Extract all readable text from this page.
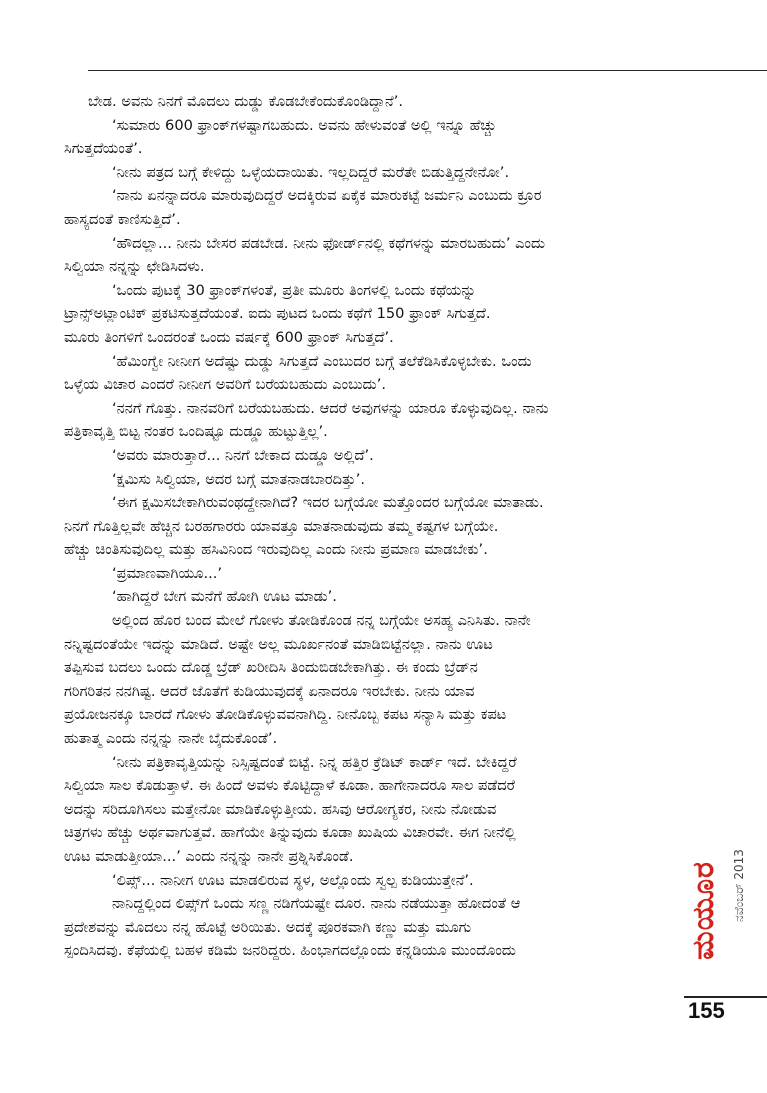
ಬೇಡ. ಅವನು ನಿನಗೆ ಮೊದಲು ದುಡ್ಡು ಕೊಡಬೇಕೆಂದುಕೊಂಡಿದ್ದಾನೆ’.

‘ಸುಮಾರು 600 ಫ್ರಾಂಕ್‌ಗಳಷ್ಟಾಗಬಹುದು. ಅವನು ಹೇಳುವಂತೆ ಅಲ್ಲಿ ಇನ್ನೂ ಹೆಚ್ಚು
ಸಿಗುತ್ತದೆಯಂತೆ’.

‘ನೀನು ಪತ್ರದ ಬಗ್ಗೆ ಕೇಳಿದ್ದು ಒಳ್ಳೆಯದಾಯಿತು. ಇಲ್ಲದಿದ್ದರೆ ಮರೆತೇ ಬಿಡುತ್ತಿದ್ದನೇನೋ’.

‘ನಾನು ಏನನ್ನಾದರೂ ಮಾರುವುದಿದ್ದರೆ ಅದಕ್ಕಿರುವ ಏಕೈಕ ಮಾರುಕಟ್ಟೆ ಜರ್ಮನಿ ಎಂಬುದು ಕ್ರೂರ
ಹಾಸ್ಯದಂತೆ ಕಾಣಿಸುತ್ತಿದೆ’.

‘ಹೌದಲ್ಲಾ... ನೀನು ಬೇಸರ ಪಡಬೇಡ. ನೀನು ಫೋರ್ಡ್‌ನಲ್ಲಿ ಕಥೆಗಳನ್ನು ಮಾರಬಹುದು’ ಎಂದು
ಸಿಲ್ವಿಯಾ ನನ್ನನ್ನು ಛೇಡಿಸಿದಳು.

‘ಒಂದು ಪುಟಕ್ಕೆ 30 ಫ್ರಾಂಕ್‌ಗಳಂತೆ, ಪ್ರತೀ ಮೂರು ತಿಂಗಳಲ್ಲಿ ಒಂದು ಕಥೆಯನ್ನು
ಟ್ರಾನ್ಸ್‌ಅಟ್ಲಾಂಟಿಕ್ ಪ್ರಕಟಿಸುತ್ತದೆಯಂತೆ. ಐದು ಪುಟದ ಒಂದು ಕಥೆಗೆ 150 ಫ್ರಾಂಕ್ ಸಿಗುತ್ತದೆ.
ಮೂರು ತಿಂಗಳಿಗೆ ಒಂದರಂತೆ ಒಂದು ವರ್ಷಕ್ಕೆ 600 ಫ್ರಾಂಕ್ ಸಿಗುತ್ತದೆ’.

‘ಹೆಮಿಂಗ್ವೇ ನೀನೀಗ ಅದೆಷ್ಟು ದುಡ್ಡು ಸಿಗುತ್ತದೆ ಎಂಬುದರ ಬಗ್ಗೆ ತಲೆಕೆಡಿಸಿಕೊಳ್ಳಬೇಕು. ಒಂದು
ಒಳ್ಳೆಯ ವಿಚಾರ ಎಂದರೆ ನೀನೀಗ ಅವರಿಗೆ ಬರೆಯಬಹುದು ಎಂಬುದು’.

‘ನನಗೆ ಗೊತ್ತು. ನಾನವರಿಗೆ ಬರೆಯಬಹುದು. ಆದರೆ ಅವುಗಳನ್ನು ಯಾರೂ ಕೊಳ್ಳುವುದಿಲ್ಲ. ನಾನು
ಪತ್ರಿಕಾವೃತ್ತಿ ಬಿಟ್ಟ ನಂತರ ಒಂದಿಷ್ಟೂ ದುಡ್ಡೂ ಹುಟ್ಟುತ್ತಿಲ್ಲ’.

‘ಅವರು ಮಾರುತ್ತಾರೆ... ನಿನಗೆ ಬೇಕಾದ ದುಡ್ಡೂ ಅಲ್ಲಿದೆ’.

‘ಕ್ಷಮಿಸು ಸಿಲ್ವಿಯಾ, ಅದರ ಬಗ್ಗೆ ಮಾತನಾಡಬಾರದಿತ್ತು’.

‘ಈಗ ಕ್ಷಮಿಸಬೇಕಾಗಿರುವಂಥದ್ದೇನಾಗಿದೆ? ಇದರ ಬಗ್ಗೆಯೋ ಮತ್ತೊಂದರ ಬಗ್ಗೆಯೋ ಮಾತಾಡು.
ನಿನಗೆ ಗೊತ್ತಿಲ್ಲವೇ ಹೆಚ್ಚಿನ ಬರಹಗಾರರು ಯಾವತ್ತೂ ಮಾತನಾಡುವುದು ತಮ್ಮ ಕಷ್ಟಗಳ ಬಗ್ಗೆಯೇ.
ಹೆಚ್ಚು ಚಿಂತಿಸುವುದಿಲ್ಲ ಮತ್ತು ಹಸಿವಿನಿಂದ ಇರುವುದಿಲ್ಲ ಎಂದು ನೀನು ಪ್ರಮಾಣ ಮಾಡಬೇಕು’.

‘ಪ್ರಮಾಣವಾಗಿಯೂ...’

‘ಹಾಗಿದ್ದರೆ ಬೇಗ ಮನೆಗೆ ಹೋಗಿ ಊಟ ಮಾಡು’.

ಅಲ್ಲಿಂದ ಹೊರ ಬಂದ ಮೇಲೆ ಗೋಳು ತೋಡಿಕೊಂಡ ನನ್ನ ಬಗ್ಗೆಯೇ ಅಸಹ್ಯ ಎನಿಸಿತು. ನಾನೇ
ನನ್ನಿಷ್ಟದಂತೆಯೇ ಇದನ್ನು ಮಾಡಿದೆ. ಅಷ್ಟೇ ಅಲ್ಲ ಮೂರ್ಖನಂತೆ ಮಾಡಿಬಿಟ್ಟೆನಲ್ಲಾ. ನಾನು ಊಟ
ತಪ್ಪಿಸುವ ಬದಲು ಒಂದು ದೊಡ್ಡ ಬ್ರೆಡ್ ಖರೀದಿಸಿ ತಿಂದುಬಿಡಬೇಕಾಗಿತ್ತು. ಈ ಕಂದು ಬ್ರೆಡ್‌ನ
ಗರಿಗರಿತನ ನನಗಿಷ್ಟ. ಆದರೆ ಜೊತೆಗೆ ಕುಡಿಯುವುದಕ್ಕೆ ಏನಾದರೂ ಇರಬೇಕು. ನೀನು ಯಾವ
ಪ್ರಯೋಜನಕ್ಕೂ ಬಾರದೆ ಗೋಳು ತೋಡಿಕೊಳ್ಳುವವನಾಗಿದ್ದಿ. ನೀನೊಬ್ಬ ಕಪಟ ಸನ್ಯಾಸಿ ಮತ್ತು ಕಪಟ
ಹುತಾತ್ಮ ಎಂದು ನನ್ನನ್ನು ನಾನೇ ಬೈದುಕೊಂಡೆ’.

‘ನೀನು ಪತ್ರಿಕಾವೃತ್ತಿಯನ್ನು ನಿಸ್ಸಿಷ್ಟದಂತೆ ಬಿಟ್ಟೆ. ನಿನ್ನ ಹತ್ತಿರ ಕ್ರೆಡಿಟ್ ಕಾರ್ಡ್ ಇದೆ. ಬೇಕಿದ್ದರೆ
ಸಿಲ್ವಿಯಾ ಸಾಲ ಕೊಡುತ್ತಾಳೆ. ಈ ಹಿಂದೆ ಅವಳು ಕೊಟ್ಟಿದ್ದಾಳೆ ಕೂಡಾ. ಹಾಗೇನಾದರೂ ಸಾಲ ಪಡೆದರೆ
ಅದನ್ನು ಸರಿದೂಗಿಸಲು ಮತ್ತೇನೋ ಮಾಡಿಕೊಳ್ಳುತ್ತೀಯ. ಹಸಿವು ಆರೋಗ್ಯಕರ, ನೀನು ನೋಡುವ
ಚಿತ್ರಗಳು ಹೆಚ್ಚು ಅರ್ಥವಾಗುತ್ತವೆ. ಹಾಗೆಯೇ ತಿನ್ನುವುದು ಕೂಡಾ ಖುಷಿಯ ವಿಚಾರವೇ. ಈಗ ನೀನೆಲ್ಲಿ
ಊಟ ಮಾಡುತ್ತೀಯಾ...’ ಎಂದು ನನ್ನನ್ನು ನಾನೇ ಪ್ರಶ್ನಿಸಿಕೊಂಡೆ.

‘ಲಿಪ್ಸ್... ನಾನೀಗ ಊಟ ಮಾಡಲಿರುವ ಸ್ಥಳ, ಅಲ್ಲೊಂದು ಸ್ವಲ್ಪ ಕುಡಿಯುತ್ತೇನೆ’.

ನಾನಿದ್ದಲ್ಲಿಂದ ಲಿಪ್ಸ್‌ಗೆ ಒಂದು ಸಣ್ಣ ನಡಿಗೆಯಷ್ಟೇ ದೂರ. ನಾನು ನಡೆಯುತ್ತಾ ಹೋದಂತೆ ಆ
ಪ್ರದೇಶವನ್ನು ಮೊದಲು ನನ್ನ ಹೊಟ್ಟೆ ಅರಿಯಿತು. ಅದಕ್ಕೆ ಪೂರಕವಾಗಿ ಕಣ್ಣು ಮತ್ತು ಮೂಗು
ಸ್ಪಂದಿಸಿದವು. ಕೆಫೆಯಲ್ಲಿ ಬಹಳ ಕಡಿಮೆ ಜನರಿದ್ದರು. ಹಿಂಭಾಗದಲ್ಲೊಂದು ಕನ್ನಡಿಯೂ ಮುಂದೊಂದು	ಮಯೂರ ನವೆಂಬರ್ 2013
155
